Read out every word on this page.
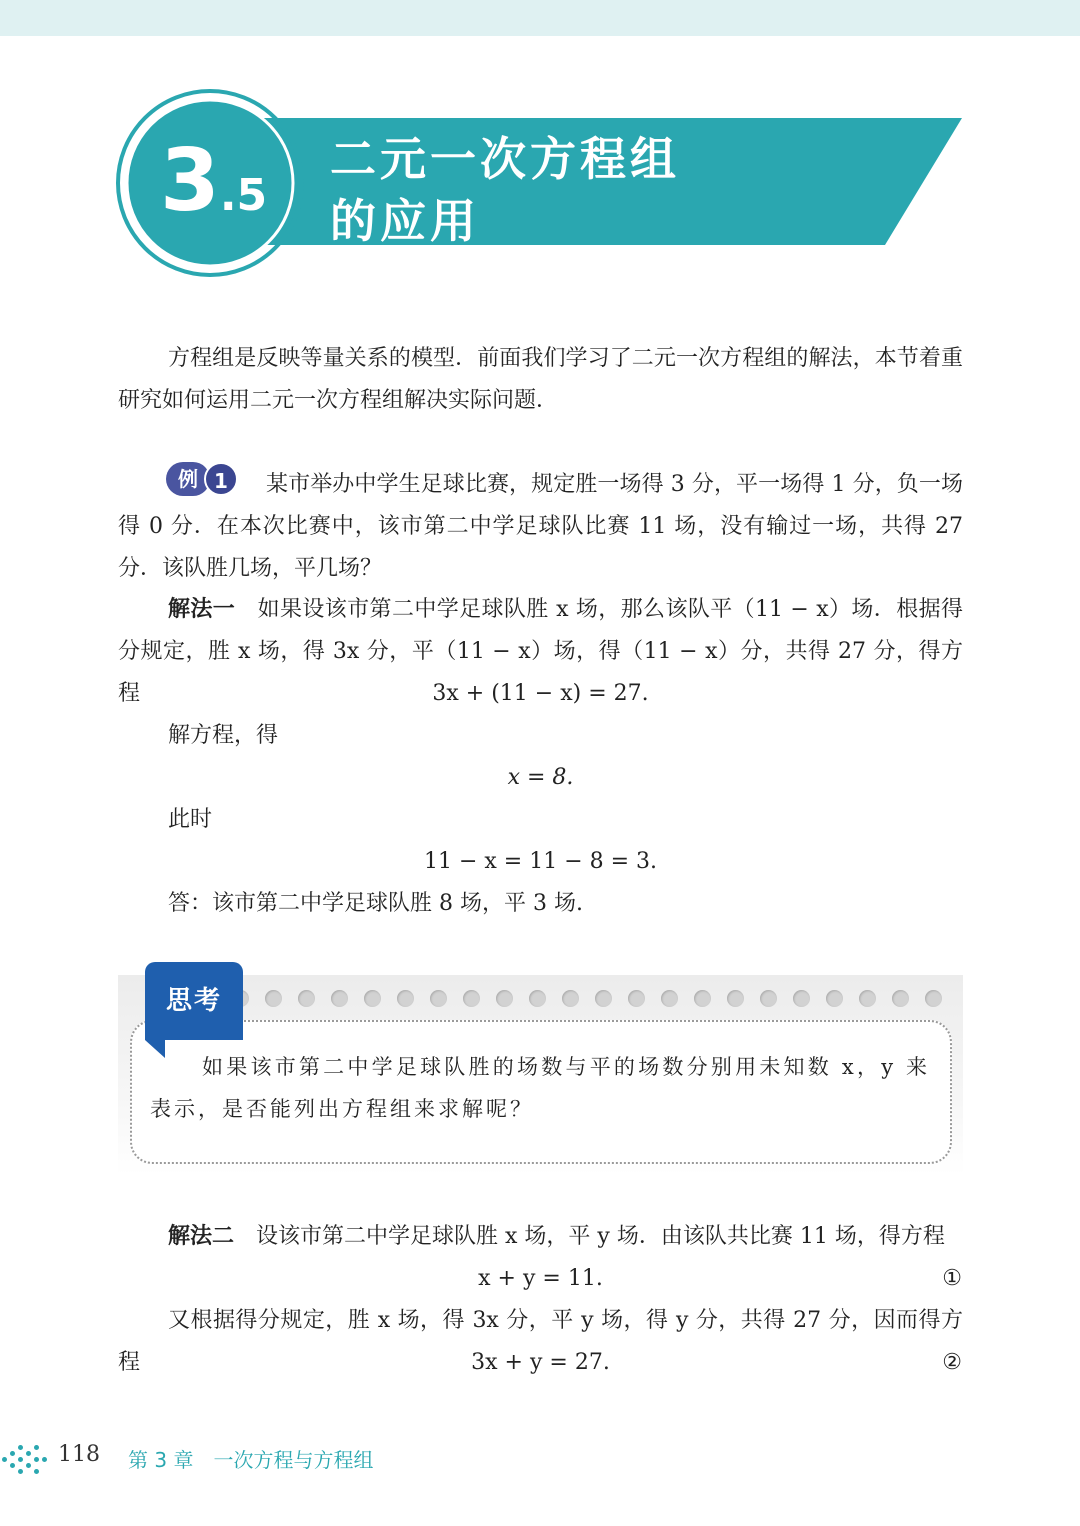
3.5
二元一次方程组
的应用
方程组是反映等量关系的模型．前面我们学习了二元一次方程组的解法，本节着重研究如何运用二元一次方程组解决实际问题．
例 1	某市举办中学生足球比赛，规定胜一场得 3 分，平一场得 1 分，负一场得 0 分．在本次比赛中，该市第二中学足球队比赛 11 场，没有输过一场，共得 27 分．该队胜几场，平几场？
解法一　 如果设该市第二中学足球队胜 x 场，那么该队平（11 − x）场．根据得分规定，胜 x 场，得 3x 分，平（11 − x）场，得（11 − x）分，共得 27 分，得方程	3x + (11 − x) = 27.
解方程，得
x = 8.
此时
11 − x = 11 − 8 = 3.
答：该市第二中学足球队胜 8 场，平 3 场.
思考
如果该市第二中学足球队胜的场数与平的场数分别用未知数 x，y 来表示，是否能列出方程组来求解呢？
解法二　 设该市第二中学足球队胜 x 场，平 y 场．由该队共比赛 11 场，得方程
x + y = 11.	①
又根据得分规定，胜 x 场，得 3x 分，平 y 场，得 y 分，共得 27 分，因而得方程	3x + y = 27.	②
118 第 3 章　一次方程与方程组
